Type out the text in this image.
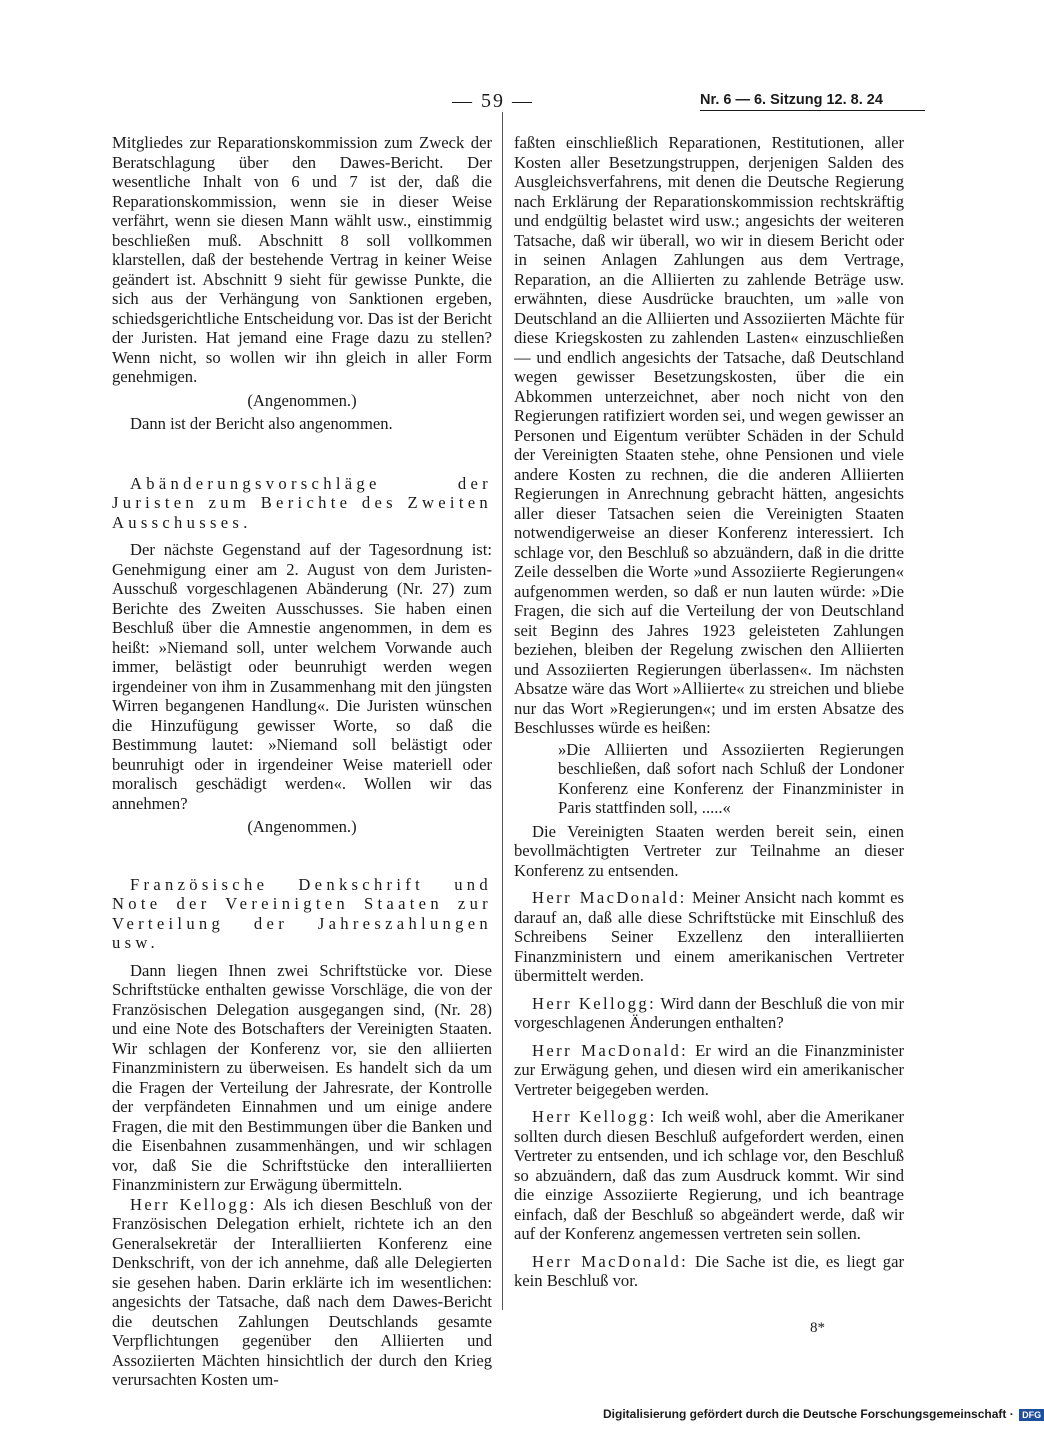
— 59 —	Nr. 6 — 6. Sitzung 12. 8. 24

Mitgliedes zur Reparationskommission zum Zweck der Beratschlagung über den Dawes-Bericht. Der wesentliche Inhalt von 6 und 7 ist der, daß die Reparationskommission, wenn sie in dieser Weise verfährt, wenn sie diesen Mann wählt usw., einstimmig beschließen muß. Abschnitt 8 soll vollkommen klarstellen, daß der bestehende Vertrag in keiner Weise geändert ist. Abschnitt 9 sieht für gewisse Punkte, die sich aus der Verhängung von Sanktionen ergeben, schiedsgerichtliche Entscheidung vor. Das ist der Bericht der Juristen. Hat jemand eine Frage dazu zu stellen? Wenn nicht, so wollen wir ihn gleich in aller Form genehmigen.

(Angenommen.)

Dann ist der Bericht also angenommen.

Abänderungsvorschläge der Juristen zum Berichte des Zweiten Ausschusses.

Der nächste Gegenstand auf der Tagesordnung ist: Genehmigung einer am 2. August von dem Juristen-Ausschuß vorgeschlagenen Abänderung (Nr. 27) zum Berichte des Zweiten Ausschusses. Sie haben einen Beschluß über die Amnestie angenommen, in dem es heißt: »Niemand soll, unter welchem Vorwande auch immer, belästigt oder beunruhigt werden wegen irgendeiner von ihm in Zusammenhang mit den jüngsten Wirren begangenen Handlung«. Die Juristen wünschen die Hinzufügung gewisser Worte, so daß die Bestimmung lautet: »Niemand soll belästigt oder beunruhigt oder in irgendeiner Weise materiell oder moralisch geschädigt werden«. Wollen wir das annehmen?

(Angenommen.)

Französische Denkschrift und Note der Vereinigten Staaten zur Verteilung der Jahreszahlungen usw.

Dann liegen Ihnen zwei Schriftstücke vor. Diese Schriftstücke enthalten gewisse Vorschläge, die von der Französischen Delegation ausgegangen sind, (Nr. 28) und eine Note des Botschafters der Vereinigten Staaten. Wir schlagen der Konferenz vor, sie den alliierten Finanzministern zu überweisen. Es handelt sich da um die Fragen der Verteilung der Jahresrate, der Kontrolle der verpfändeten Einnahmen und um einige andere Fragen, die mit den Bestimmungen über die Banken und die Eisenbahnen zusammenhängen, und wir schlagen vor, daß Sie die Schriftstücke den interalliierten Finanzministern zur Erwägung übermitteln.

Herr Kellogg: Als ich diesen Beschluß von der Französischen Delegation erhielt, richtete ich an den Generalsekretär der Interalliierten Konferenz eine Denkschrift, von der ich annehme, daß alle Delegierten sie gesehen haben. Darin erklärte ich im wesentlichen: angesichts der Tatsache, daß nach dem Dawes-Bericht die deutschen Zahlungen Deutschlands gesamte Verpflichtungen gegenüber den Alliierten und Assoziierten Mächten hinsichtlich der durch den Krieg verursachten Kosten um-

faßten einschließlich Reparationen, Restitutionen, aller Kosten aller Besetzungstruppen, derjenigen Salden des Ausgleichsverfahrens, mit denen die Deutsche Regierung nach Erklärung der Reparationskommission rechtskräftig und endgültig belastet wird usw.; angesichts der weiteren Tatsache, daß wir überall, wo wir in diesem Bericht oder in seinen Anlagen Zahlungen aus dem Vertrage, Reparation, an die Alliierten zu zahlende Beträge usw. erwähnten, diese Ausdrücke brauchten, um »alle von Deutschland an die Alliierten und Assoziierten Mächte für diese Kriegskosten zu zahlenden Lasten« einzuschließen — und endlich angesichts der Tatsache, daß Deutschland wegen gewisser Besetzungskosten, über die ein Abkommen unterzeichnet, aber noch nicht von den Regierungen ratifiziert worden sei, und wegen gewisser an Personen und Eigentum verübter Schäden in der Schuld der Vereinigten Staaten stehe, ohne Pensionen und viele andere Kosten zu rechnen, die die anderen Alliierten Regierungen in Anrechnung gebracht hätten, angesichts aller dieser Tatsachen seien die Vereinigten Staaten notwendigerweise an dieser Konferenz interessiert. Ich schlage vor, den Beschluß so abzuändern, daß in die dritte Zeile desselben die Worte »und Assoziierte Regierungen« aufgenommen werden, so daß er nun lauten würde: »Die Fragen, die sich auf die Verteilung der von Deutschland seit Beginn des Jahres 1923 geleisteten Zahlungen beziehen, bleiben der Regelung zwischen den Alliierten und Assoziierten Regierungen überlassen«. Im nächsten Absatze wäre das Wort »Alliierte« zu streichen und bliebe nur das Wort »Regierungen«; und im ersten Absatze des Beschlusses würde es heißen:

»Die Alliierten und Assoziierten Regierungen beschließen, daß sofort nach Schluß der Londoner Konferenz eine Konferenz der Finanzminister in Paris stattfinden soll, .....«

Die Vereinigten Staaten werden bereit sein, einen bevollmächtigten Vertreter zur Teilnahme an dieser Konferenz zu entsenden.

Herr MacDonald: Meiner Ansicht nach kommt es darauf an, daß alle diese Schriftstücke mit Einschluß des Schreibens Seiner Exzellenz den interalliierten Finanzministern und einem amerikanischen Vertreter übermittelt werden.

Herr Kellogg: Wird dann der Beschluß die von mir vorgeschlagenen Änderungen enthalten?

Herr MacDonald: Er wird an die Finanzminister zur Erwägung gehen, und diesen wird ein amerikanischer Vertreter beigegeben werden.

Herr Kellogg: Ich weiß wohl, aber die Amerikaner sollten durch diesen Beschluß aufgefordert werden, einen Vertreter zu entsenden, und ich schlage vor, den Beschluß so abzuändern, daß das zum Ausdruck kommt. Wir sind die einzige Assoziierte Regierung, und ich beantrage einfach, daß der Beschluß so abgeändert werde, daß wir auf der Konferenz angemessen vertreten sein sollen.

Herr MacDonald: Die Sache ist die, es liegt gar kein Beschluß vor.

8*
Digitalisierung gefördert durch die Deutsche Forschungsgemeinschaft · DFG
